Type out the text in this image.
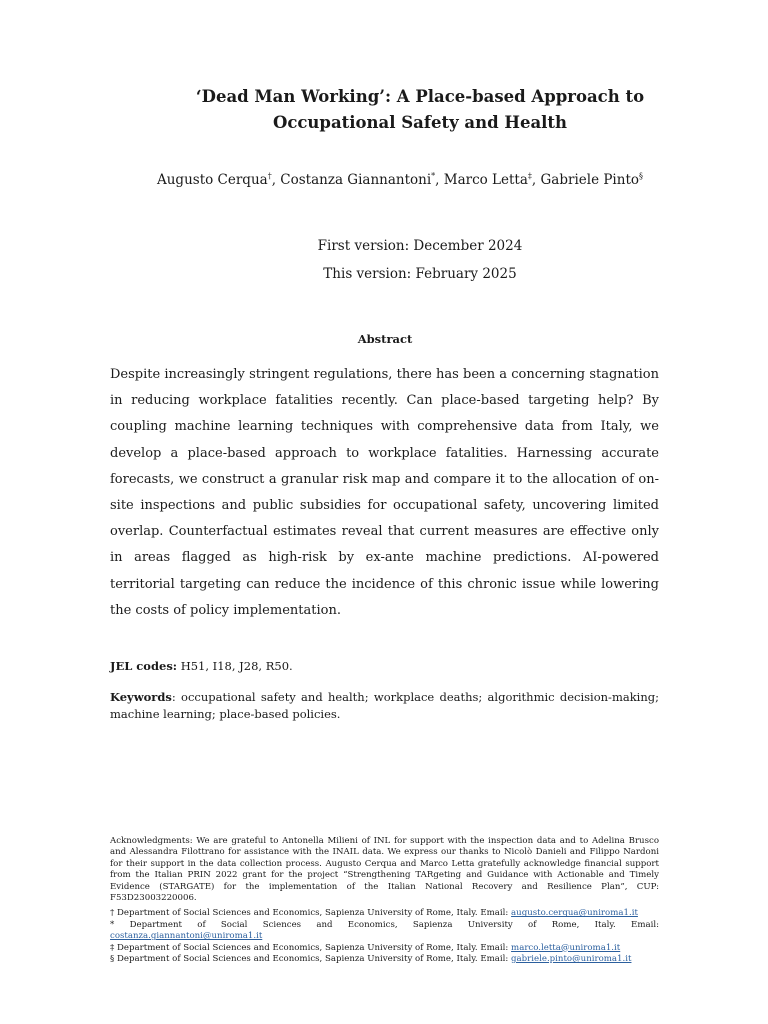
‘Dead Man Working’: A Place-based Approach to
Occupational Safety and Health
Augusto Cerqua†, Costanza Giannantoni*, Marco Letta‡, Gabriele Pinto§
First version: December 2024
This version: February 2025
Abstract
Despite increasingly stringent regulations, there has been a concerning stagnation in reducing workplace fatalities recently. Can place-based targeting help? By coupling machine learning techniques with comprehensive data from Italy, we develop a place-based approach to workplace fatalities. Harnessing accurate forecasts, we construct a granular risk map and compare it to the allocation of on-site inspections and public subsidies for occupational safety, uncovering limited overlap. Counterfactual estimates reveal that current measures are effective only in areas flagged as high-risk by ex-ante machine predictions. AI-powered territorial targeting can reduce the incidence of this chronic issue while lowering the costs of policy implementation.
JEL codes: H51, I18, J28, R50.
Keywords: occupational safety and health; workplace deaths; algorithmic decision-making; machine learning; place-based policies.

Acknowledgments: We are grateful to Antonella Milieni of INL for support with the inspection data and to Adelina Brusco and Alessandra Filottrano for assistance with the INAIL data. We express our thanks to Nicolò Danieli and Filippo Nardoni for their support in the data collection process. Augusto Cerqua and Marco Letta gratefully acknowledge financial support from the Italian PRIN 2022 grant for the project “Strengthening TARgeting and Guidance with Actionable and Timely Evidence (STARGATE) for the implementation of the Italian National Recovery and Resilience Plan”, CUP: F53D23003220006.

† Department of Social Sciences and Economics, Sapienza University of Rome, Italy. Email: augusto.cerqua@uniroma1.it

* Department of Social Sciences and Economics, Sapienza University of Rome, Italy. Email: costanza.giannantoni@uniroma1.it

‡ Department of Social Sciences and Economics, Sapienza University of Rome, Italy. Email: marco.letta@uniroma1.it

§ Department of Social Sciences and Economics, Sapienza University of Rome, Italy. Email: gabriele.pinto@uniroma1.it
